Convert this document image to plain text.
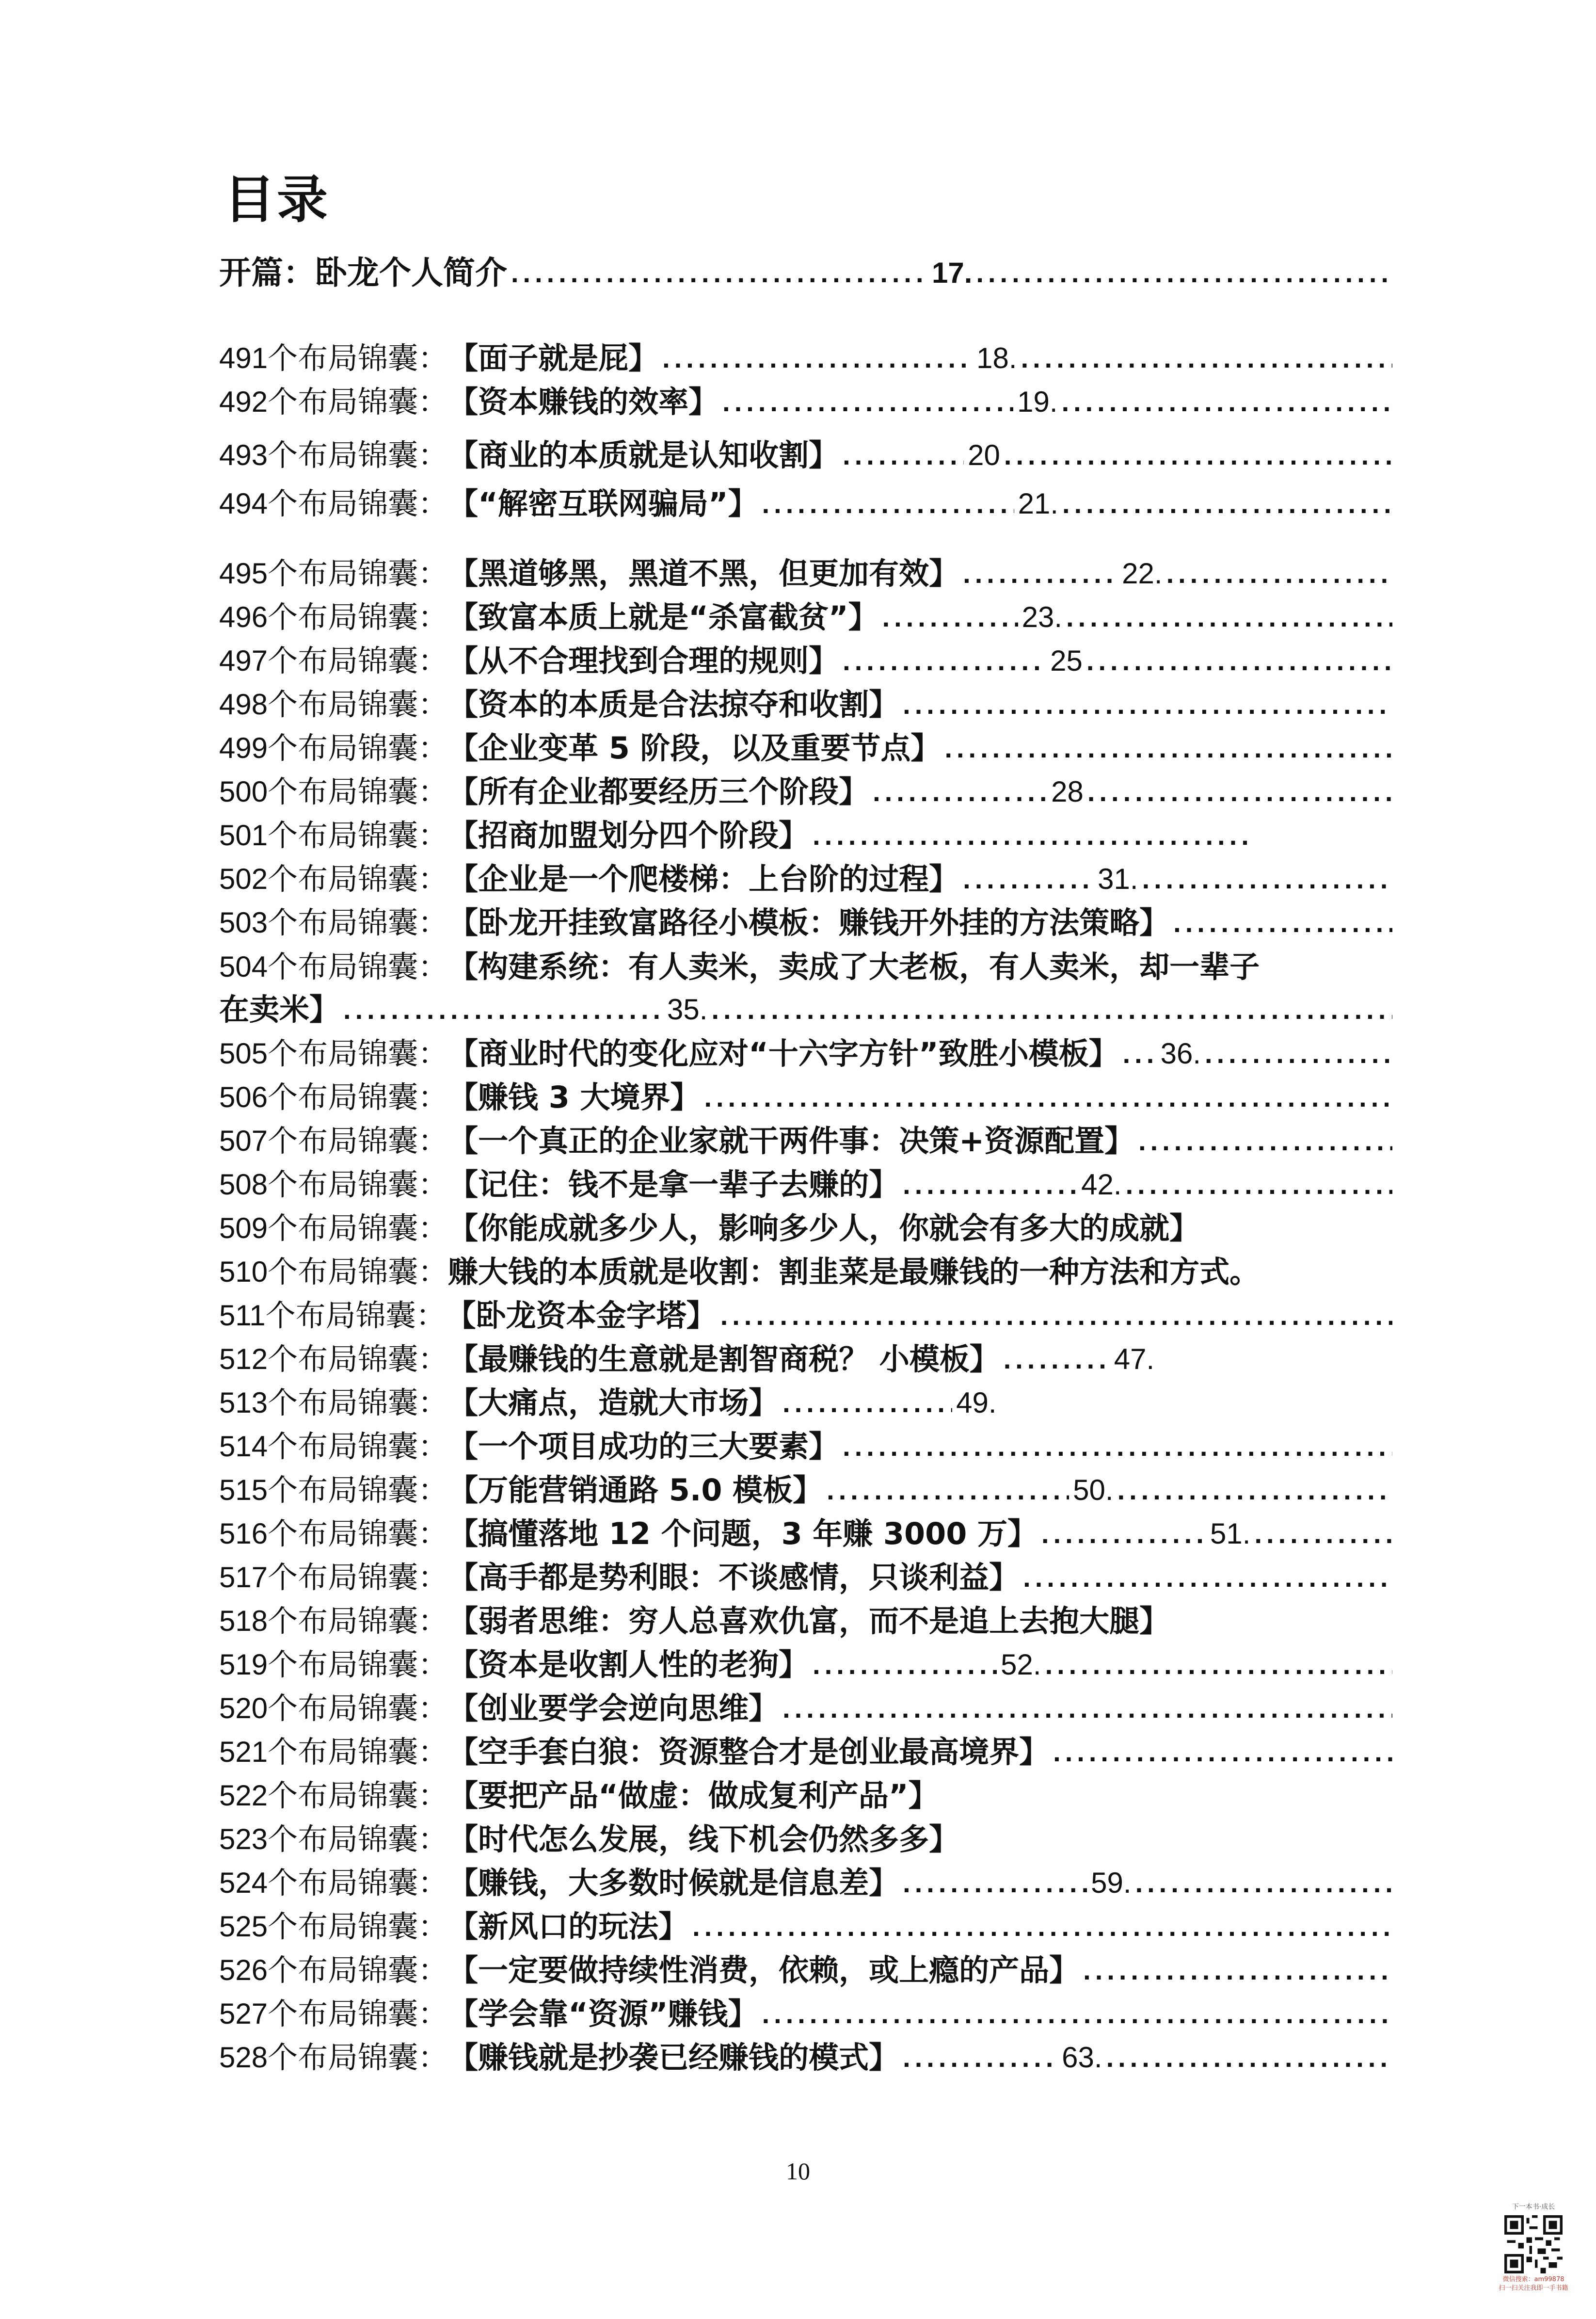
目录
开篇： 卧龙个人简介 .....	17.
.....
491 个布局锦囊： 【面子就是屁】 .....	18.
.....
492 个布局锦囊： 【资本赚钱的效率】 .....	19.
.....
493 个布局锦囊： 【商业的本质就是认知收割】 .....	20
.....
494 个布局锦囊： 【“解密互联网骗局”】 .....	21.
.....
495 个布局锦囊： 【黑道够黑，黑道不黑，但更加有效】 .....	22.
.....
496 个布局锦囊： 【致富本质上就是“杀富截贫”】 .....	23.
.....
497 个布局锦囊： 【从不合理找到合理的规则】 .....	25
.....
498 个布局锦囊： 【资本的本质是合法掠夺和收割】
.....
499 个布局锦囊： 【企业变革 5 阶段，以及重要节点】
.....
500 个布局锦囊： 【所有企业都要经历三个阶段】 .....	28
.....
501 个布局锦囊： 【招商加盟划分四个阶段】
.....
502 个布局锦囊： 【企业是一个爬楼梯：上台阶的过程】 .....	31.
.....
503 个布局锦囊： 【卧龙开挂致富路径小模板：赚钱开外挂的方法策略】
.....
504 个布局锦囊： 【构建系统：有人卖米，卖成了大老板，有人卖米，却一辈子
在卖米】 .....	35.
.....
505 个布局锦囊： 【商业时代的变化应对“十六字方针”致胜小模板】 ..... 36.
.....
506 个布局锦囊： 【赚钱 3 大境界】
.....
507 个布局锦囊： 【一个真正的企业家就干两件事：决策+资源配置】
.....
508 个布局锦囊： 【记住：钱不是拿一辈子去赚的】 .....	42.
.....
509 个布局锦囊： 【你能成就多少人，影响多少人，你就会有多大的成就】
510 个布局锦囊： 赚大钱的本质就是收割：割韭菜是最赚钱的一种方法和方式。
511 个布局锦囊： 【卧龙资本金字塔】
.....
512 个布局锦囊： 【最赚钱的生意就是割智商税？ 小模板】 .....	47.
513 个布局锦囊： 【大痛点，造就大市场】 .....	49.
514 个布局锦囊： 【一个项目成功的三大要素】
.....
515 个布局锦囊： 【万能营销通路 5.0 模板】 .....	50.
.....
516 个布局锦囊： 【搞懂落地 12 个问题，3 年赚 3000 万】 .....	51.
.....
517 个布局锦囊： 【高手都是势利眼：不谈感情，只谈利益】
.....
518 个布局锦囊： 【弱者思维：穷人总喜欢仇富，而不是追上去抱大腿】
519 个布局锦囊： 【资本是收割人性的老狗】 .....	52.
.....
520 个布局锦囊： 【创业要学会逆向思维】
.....
521 个布局锦囊： 【空手套白狼：资源整合才是创业最高境界】
.....
522 个布局锦囊： 【要把产品“做虚：做成复利产品”】
523 个布局锦囊： 【时代怎么发展，线下机会仍然多多】
524 个布局锦囊： 【赚钱，大多数时候就是信息差】 .....	59.
.....
525 个布局锦囊： 【新风口的玩法】
.....
526 个布局锦囊： 【一定要做持续性消费，依赖，或上瘾的产品】
.....
527 个布局锦囊： 【学会靠“资源”赚钱】
.....
528 个布局锦囊： 【赚钱就是抄袭已经赚钱的模式】 .....	63.
.....
10
下一本书·成长
微信搜索：am99878
扫一扫关注我即一手书籍
